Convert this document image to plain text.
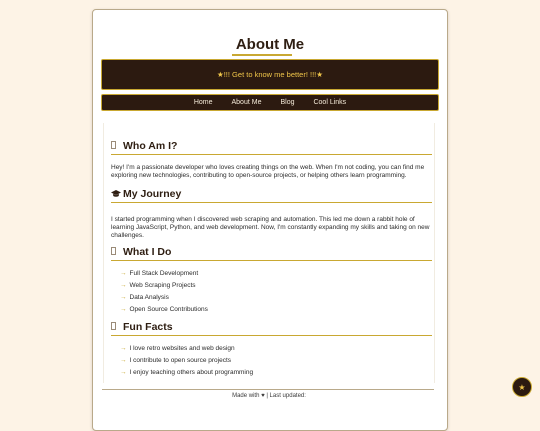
About Me
★!!! Get to know me better! !!!★
Home	About Me	Blog	Cool Links
Who Am I?
Hey! I'm a passionate developer who loves creating things on the web. When I'm not coding, you can find me exploring new technologies, contributing to open-source projects, or helping others learn programming.
My Journey
I started programming when I discovered web scraping and automation. This led me down a rabbit hole of learning JavaScript, Python, and web development. Now, I'm constantly expanding my skills and taking on new challenges.
What I Do
→ Full Stack Development
→ Web Scraping Projects
→ Data Analysis
→ Open Source Contributions
Fun Facts
→ I love retro websites and web design
→ I contribute to open source projects
→ I enjoy teaching others about programming
Made with ♥ | Last updated:
★
